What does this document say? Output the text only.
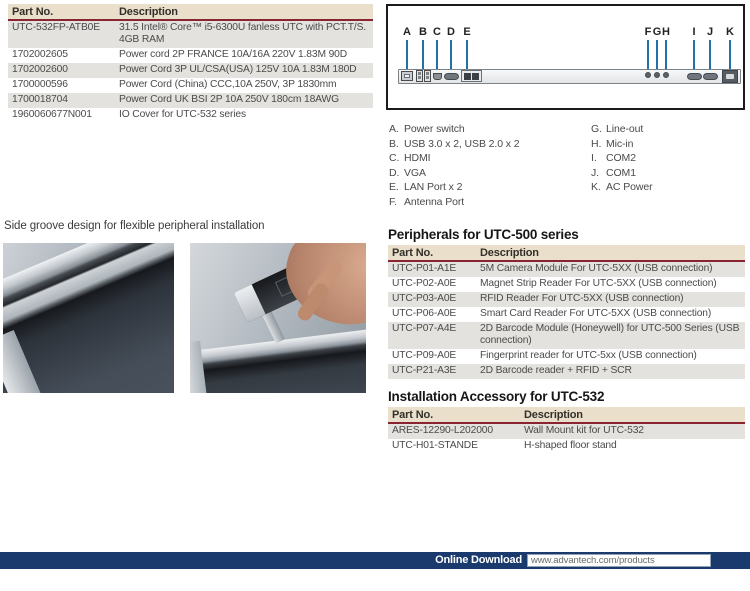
Part No.	Description
UTC-532FP-ATB0E	31.5 Intel® Core™ i5-6300U fanless UTC with PCT.T/S. 4GB RAM
1702002605	Power cord 2P FRANCE 10A/16A 220V 1.83M 90D
1702002600	Power Cord 3P UL/CSA(USA) 125V 10A 1.83M 180D
1700000596	Power Cord (China) CCC,10A 250V, 3P 1830mm
1700018704	Power Cord UK BSI 2P 10A 250V 180cm 18AWG
1960060677N001	IO Cover for UTC-532 series
A B C D E	F G H	I	J K
A. Power switch
B. USB 3.0 x 2, USB 2.0 x 2
C. HDMI
D. VGA
E. LAN Port x 2
F. Antenna Port
G. Line-out
H. Mic-in
I. COM2
J. COM1
K. AC Power
Side groove design for flexible peripheral installation
Peripherals for UTC-500 series
Part No.	Description
UTC-P01-A1E	5M Camera Module For UTC-5XX (USB connection)
UTC-P02-A0E	Magnet Strip Reader For UTC-5XX (USB connection)
UTC-P03-A0E	RFID Reader For UTC-5XX (USB connection)
UTC-P06-A0E	Smart Card Reader For UTC-5XX (USB connection)
UTC-P07-A4E	2D Barcode Module (Honeywell) for UTC-500 Series (USB connection)
UTC-P09-A0E	Fingerprint reader for UTC-5xx (USB connection)
UTC-P21-A3E	2D Barcode reader + RFID + SCR
Installation Accessory for UTC-532
Part No.	Description
ARES-12290-L202000	Wall Mount kit for UTC-532
UTC-H01-STANDE	H-shaped floor stand
Online Download www.advantech.com/products
